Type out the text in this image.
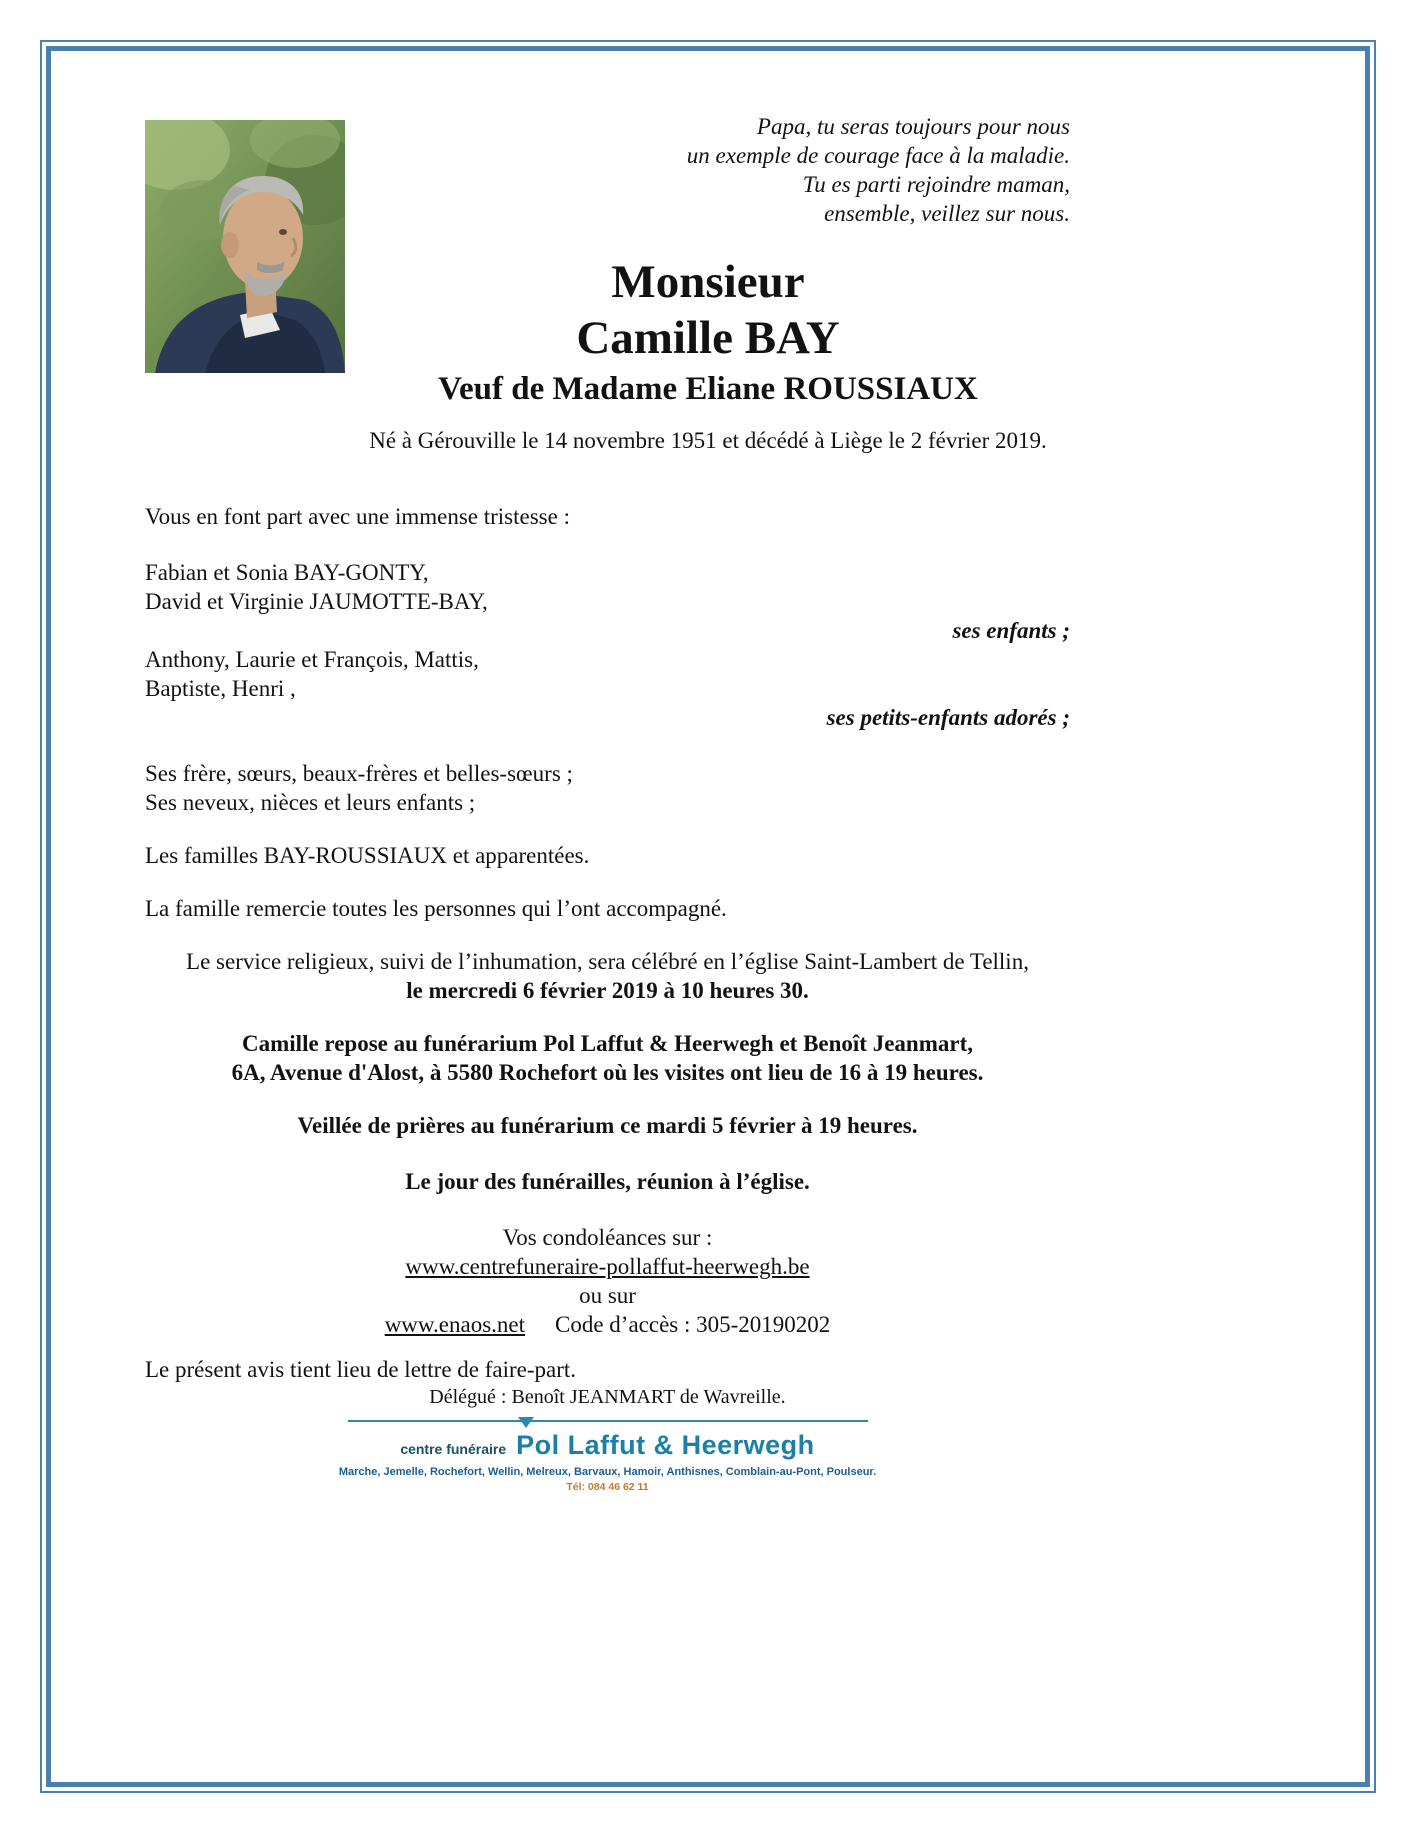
Papa, tu seras toujours pour nous

un exemple de courage face à la maladie.

Tu es parti rejoindre maman,

ensemble, veillez sur nous.

Monsieur

Camille BAY

Veuf de Madame Eliane ROUSSIAUX

Né à Gérouville le 14 novembre 1951 et décédé à Liège le 2 février 2019.

Vous en font part avec une immense tristesse :

Fabian et Sonia BAY-GONTY,

David et Virginie JAUMOTTE-BAY,

ses enfants ;

Anthony, Laurie et François, Mattis,

Baptiste, Henri ,

ses petits-enfants adorés ;

Ses frère, sœurs, beaux-frères et belles-sœurs ;

Ses neveux, nièces et leurs enfants ;

Les familles BAY-ROUSSIAUX et apparentées.

La famille remercie toutes les personnes qui l’ont accompagné.

Le service religieux, suivi de l’inhumation, sera célébré en l’église Saint-Lambert de Tellin,

le mercredi 6 février 2019 à 10 heures 30.

Camille repose au funérarium Pol Laffut & Heerwegh et Benoît Jeanmart,

6A, Avenue d'Alost, à 5580 Rochefort où les visites ont lieu de 16 à 19 heures.

Veillée de prières au funérarium ce mardi 5 février à 19 heures.

Le jour des funérailles, réunion à l’église.

Vos condoléances sur :

www.centrefuneraire-pollaffut-heerwegh.be

ou sur

www.enaos.net Code d’accès : 305-20190202

Le présent avis tient lieu de lettre de faire-part.

Délégué : Benoît JEANMART de Wavreille.

centre funéraire Pol Laffut & Heerwegh
Marche, Jemelle, Rochefort, Wellin, Melreux, Barvaux, Hamoir, Anthisnes, Comblain-au-Pont, Poulseur.
Tél: 084 46 62 11
